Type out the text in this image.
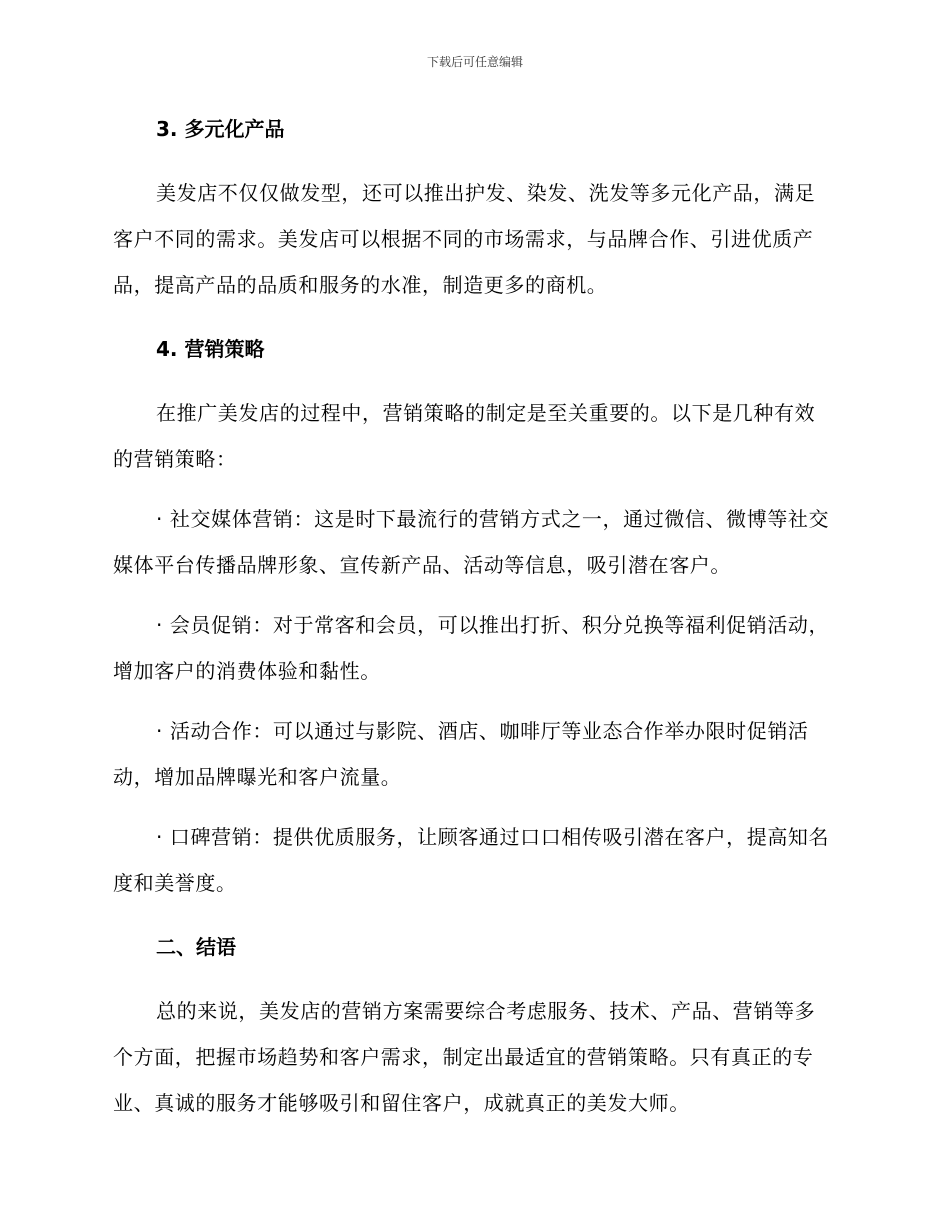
下载后可任意编辑
3. 多元化产品

美发店不仅仅做发型，还可以推出护发、染发、洗发等多元化产品，满足客户不同的需求。美发店可以根据不同的市场需求，与品牌合作、引进优质产品，提高产品的品质和服务的水准，制造更多的商机。

4. 营销策略

在推广美发店的过程中，营销策略的制定是至关重要的。以下是几种有效的营销策略：

· 社交媒体营销：这是时下最流行的营销方式之一，通过微信、微博等社交媒体平台传播品牌形象、宣传新产品、活动等信息，吸引潜在客户。

· 会员促销：对于常客和会员，可以推出打折、积分兑换等福利促销活动，增加客户的消费体验和黏性。

· 活动合作：可以通过与影院、酒店、咖啡厅等业态合作举办限时促销活动，增加品牌曝光和客户流量。

· 口碑营销：提供优质服务，让顾客通过口口相传吸引潜在客户，提高知名度和美誉度。

二、结语

总的来说，美发店的营销方案需要综合考虑服务、技术、产品、营销等多个方面，把握市场趋势和客户需求，制定出最适宜的营销策略。只有真正的专业、真诚的服务才能够吸引和留住客户，成就真正的美发大师。
